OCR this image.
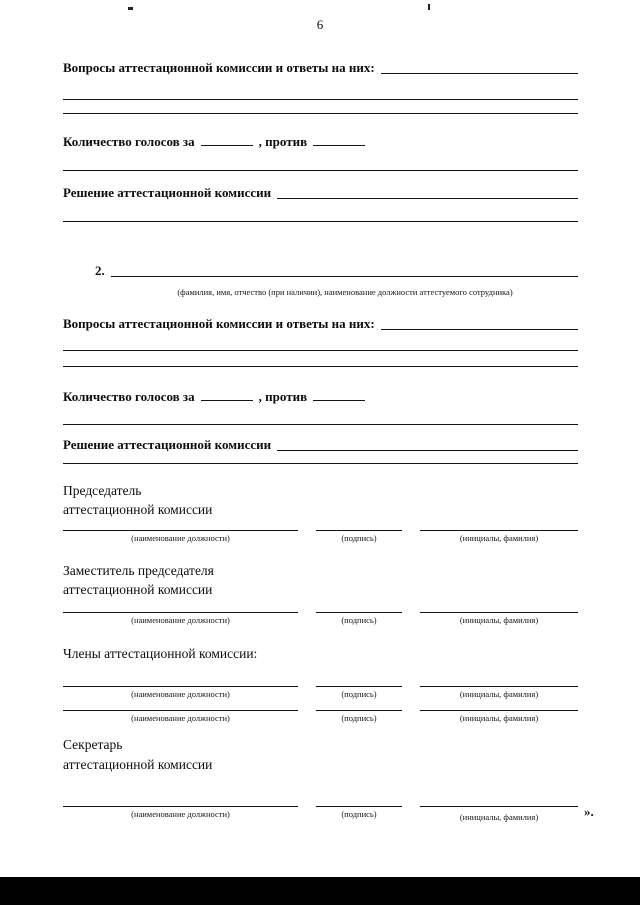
6
Вопросы аттестационной комиссии и ответы на них:
Количество голосов за	, против
Решение аттестационной комиссии
2.
(фамилия, имя, отчество (при наличии), наименование должности аттестуемого сотрудника)
Вопросы аттестационной комиссии и ответы на них:
Количество голосов за	, против
Решение аттестационной комиссии
Председатель
аттестационной комиссии
(наименование должности)	(подпись)	(инициалы, фамилия)
Заместитель председателя
аттестационной комиссии
(наименование должности)	(подпись)	(инициалы, фамилия)
Члены аттестационной комиссии:
(наименование должности)	(подпись)	(инициалы, фамилия)
(наименование должности)	(подпись)	(инициалы, фамилия)
Секретарь
аттестационной комиссии
(наименование должности)	(подпись)	(инициалы, фамилия)	».
